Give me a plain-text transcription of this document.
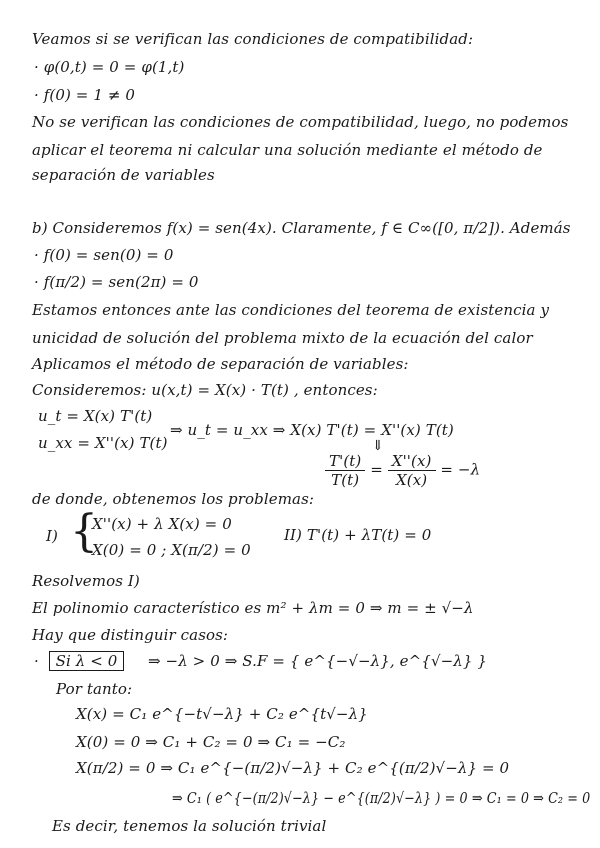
Veamos si se verifican las condiciones de compatibilidad:
· φ(0,t) = 0 = φ(1,t)
· f(0) = 1 ≠ 0
No se verifican las condiciones de compatibilidad, luego, no podemos
aplicar el teorema ni calcular una solución mediante el método de
separación de variables
b) Consideremos f(x) = sen(4x). Claramente, f ∈ C∞([0, π/2]). Además
· f(0) = sen(0) = 0
· f(π/2) = sen(2π) = 0
Estamos entonces ante las condiciones del teorema de existencia y
unicidad de solución del problema mixto de la ecuación del calor
Aplicamos el método de separación de variables:
Consideremos: u(x,t) = X(x) · T(t) , entonces:
u_t = X(x) T'(t)
u_xx = X''(x) T(t)
⇒ u_t = u_xx ⇒ X(x) T'(t) = X''(x) T(t)
⇓
$\frac{T'(t)}{T(t)} = \frac{X''(x)}{X(x)} = -\lambda$
de donde, obtenemos los problemas:
I) {
X''(x) + λ X(x) = 0
X(0) = 0 ; X(π/2) = 0
II) T'(t) + λT(t) = 0
Resolvemos I)
El polinomio característico es m² + λm = 0 ⇒ m = ± √−λ
Hay que distinguir casos:
·  Si λ < 0	⇒ −λ > 0 ⇒ S.F = { e^{−√−λ}, e^{√−λ} }
Por tanto:
X(x) = C₁ e^{−t√−λ} + C₂ e^{t√−λ}
X(0) = 0 ⇒ C₁ + C₂ = 0 ⇒ C₁ = −C₂
X(π/2) = 0 ⇒ C₁ e^{−(π/2)√−λ} + C₂ e^{(π/2)√−λ} = 0
⇒ C₁ ( e^{−(π/2)√−λ} − e^{(π/2)√−λ} ) = 0 ⇒ C₁ = 0 ⇒ C₂ = 0
Es decir, tenemos la solución trivial
